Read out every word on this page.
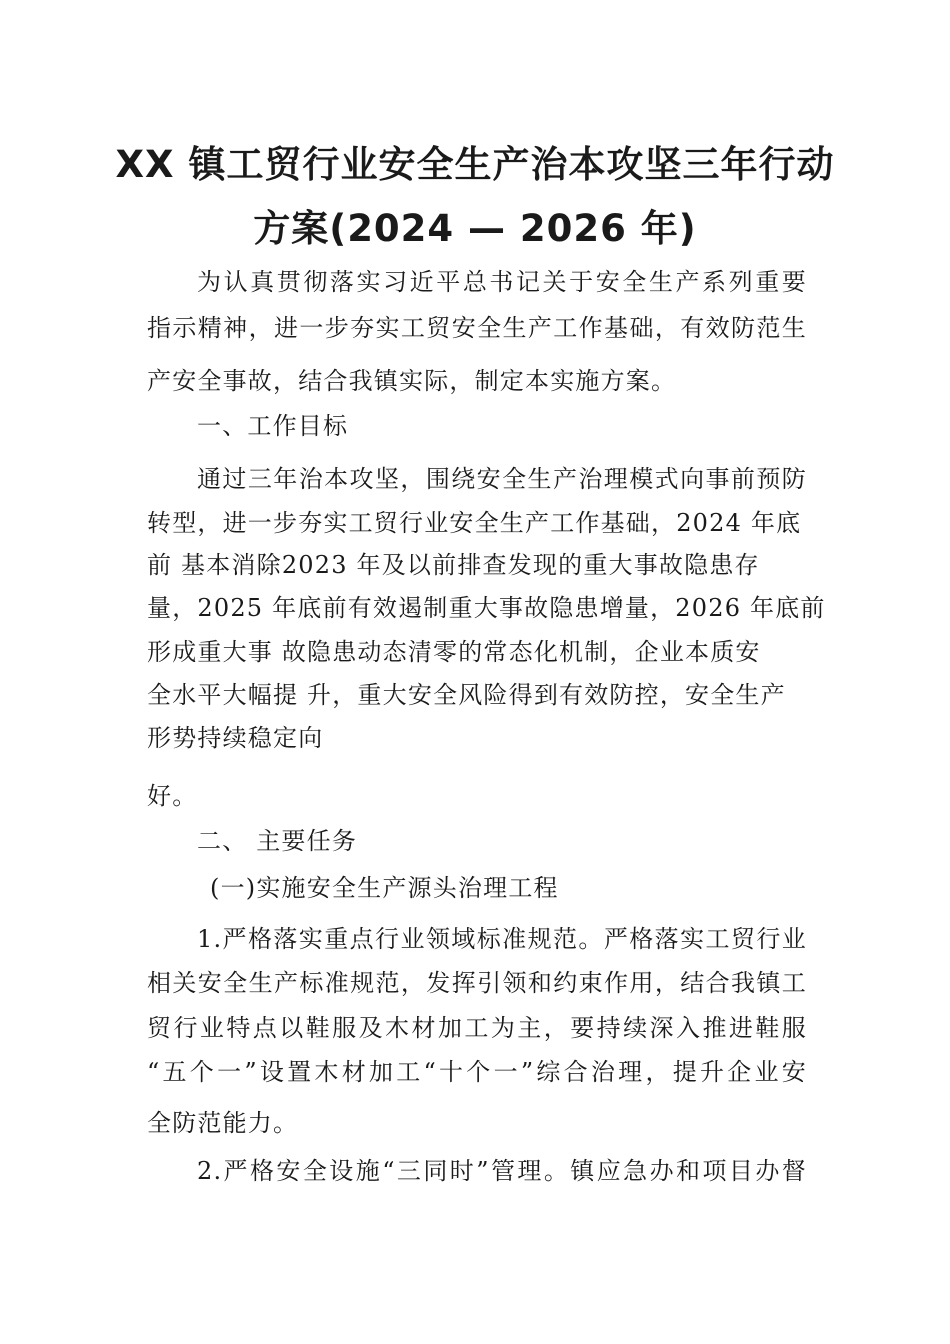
XX 镇工贸行业安全生产治本攻坚三年行动
方案(2024 — 2026 年)
为认真贯彻落实习近平总书记关于安全生产系列重要
指示精神，进一步夯实工贸安全生产工作基础，有效防范生
产安全事故，结合我镇实际，制定本实施方案。
一、工作目标
通过三年治本攻坚，围绕安全生产治理模式向事前预防
转型，进一步夯实工贸行业安全生产工作基础，2024 年底
前 基本消除2023 年及以前排查发现的重大事故隐患存
量，2025 年底前有效遏制重大事故隐患增量，2026 年底前
形成重大事 故隐患动态清零的常态化机制，企业本质安
全水平大幅提 升，重大安全风险得到有效防控，安全生产
形势持续稳定向
好。
二、 主要任务
(一)实施安全生产源头治理工程
1.严格落实重点行业领域标准规范。严格落实工贸行业
相关安全生产标准规范，发挥引领和约束作用，结合我镇工
贸行业特点以鞋服及木材加工为主，要持续深入推进鞋服
“五个一”设置木材加工“十个一”综合治理，提升企业安
全防范能力。
2.严格安全设施“三同时”管理。镇应急办和项目办督
